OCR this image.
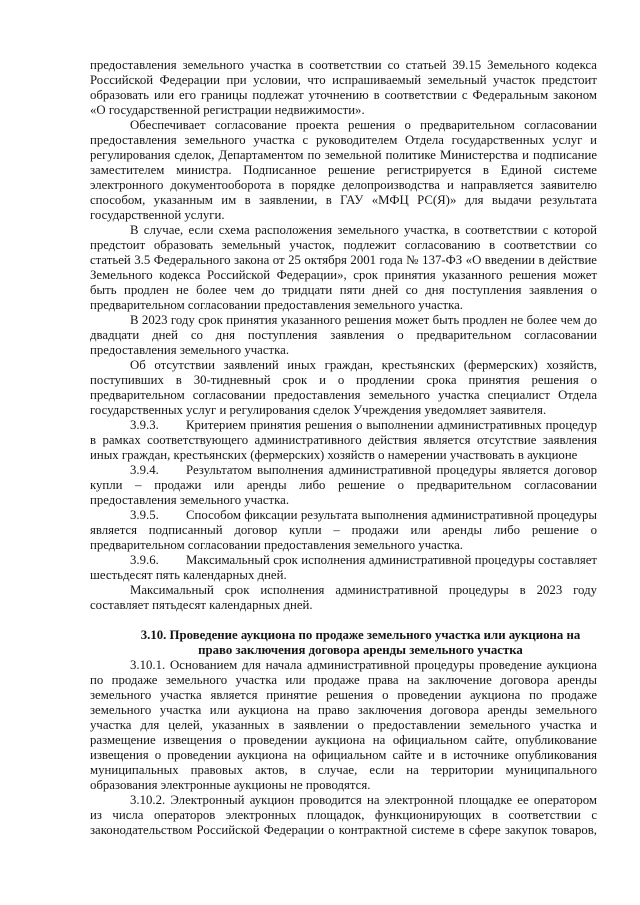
предоставления земельного участка в соответствии со статьей 39.15 Земельного кодекса
Российской Федерации при условии, что испрашиваемый земельный участок предстоит
образовать или его границы подлежат уточнению в соответствии с Федеральным законом
«О государственной регистрации недвижимости».
Обеспечивает согласование проекта решения о предварительном согласовании
предоставления земельного участка с руководителем Отдела государственных услуг и
регулирования сделок, Департаментом по земельной политике Министерства и подписание
заместителем министра. Подписанное решение регистрируется в Единой системе
электронного документооборота в порядке делопроизводства и направляется заявителю
способом, указанным им в заявлении, в ГАУ «МФЦ РС(Я)» для выдачи результата
государственной услуги.
В случае, если схема расположения земельного участка, в соответствии с которой
предстоит образовать земельный участок, подлежит согласованию в соответствии со
статьей 3.5 Федерального закона от 25 октября 2001 года № 137-ФЗ «О введении в действие
Земельного кодекса Российской Федерации», срок принятия указанного решения может
быть продлен не более чем до тридцати пяти дней со дня поступления заявления о
предварительном согласовании предоставления земельного участка.
В 2023 году срок принятия указанного решения может быть продлен не более чем до
двадцати дней со дня поступления заявления о предварительном согласовании
предоставления земельного участка.
Об отсутствии заявлений иных граждан, крестьянских (фермерских) хозяйств,
поступивших в 30-тидневный срок и о продлении срока принятия решения о
предварительном согласовании предоставления земельного участка специалист Отдела
государственных услуг и регулирования сделок Учреждения уведомляет заявителя.
3.9.3.	Критерием принятия решения о выполнении административных процедур
в рамках соответствующего административного действия является отсутствие заявления
иных граждан, крестьянских (фермерских) хозяйств о намерении участвовать в аукционе
3.9.4.	Результатом выполнения административной процедуры является договор
купли – продажи или аренды либо решение о предварительном согласовании
предоставления земельного участка.
3.9.5.	Способом фиксации результата выполнения административной процедуры
является подписанный договор купли – продажи или аренды либо решение о
предварительном согласовании предоставления земельного участка.
3.9.6.	Максимальный срок исполнения административной процедуры составляет
шестьдесят пять календарных дней.
Максимальный срок исполнения административной процедуры в 2023 году
составляет пятьдесят календарных дней.
3.10. Проведение аукциона по продаже земельного участка или аукциона на
право заключения договора аренды земельного участка
3.10.1. Основанием для начала административной процедуры проведение аукциона
по продаже земельного участка или продаже права на заключение договора аренды
земельного участка является принятие решения о проведении аукциона по продаже
земельного участка или аукциона на право заключения договора аренды земельного
участка для целей, указанных в заявлении о предоставлении земельного участка и
размещение извещения о проведении аукциона на официальном сайте, опубликование
извещения о проведении аукциона на официальном сайте и в источнике опубликования
муниципальных правовых актов, в случае, если на территории муниципального
образования электронные аукционы не проводятся.
3.10.2. Электронный аукцион проводится на электронной площадке ее оператором
из числа операторов электронных площадок, функционирующих в соответствии с
законодательством Российской Федерации о контрактной системе в сфере закупок товаров,
